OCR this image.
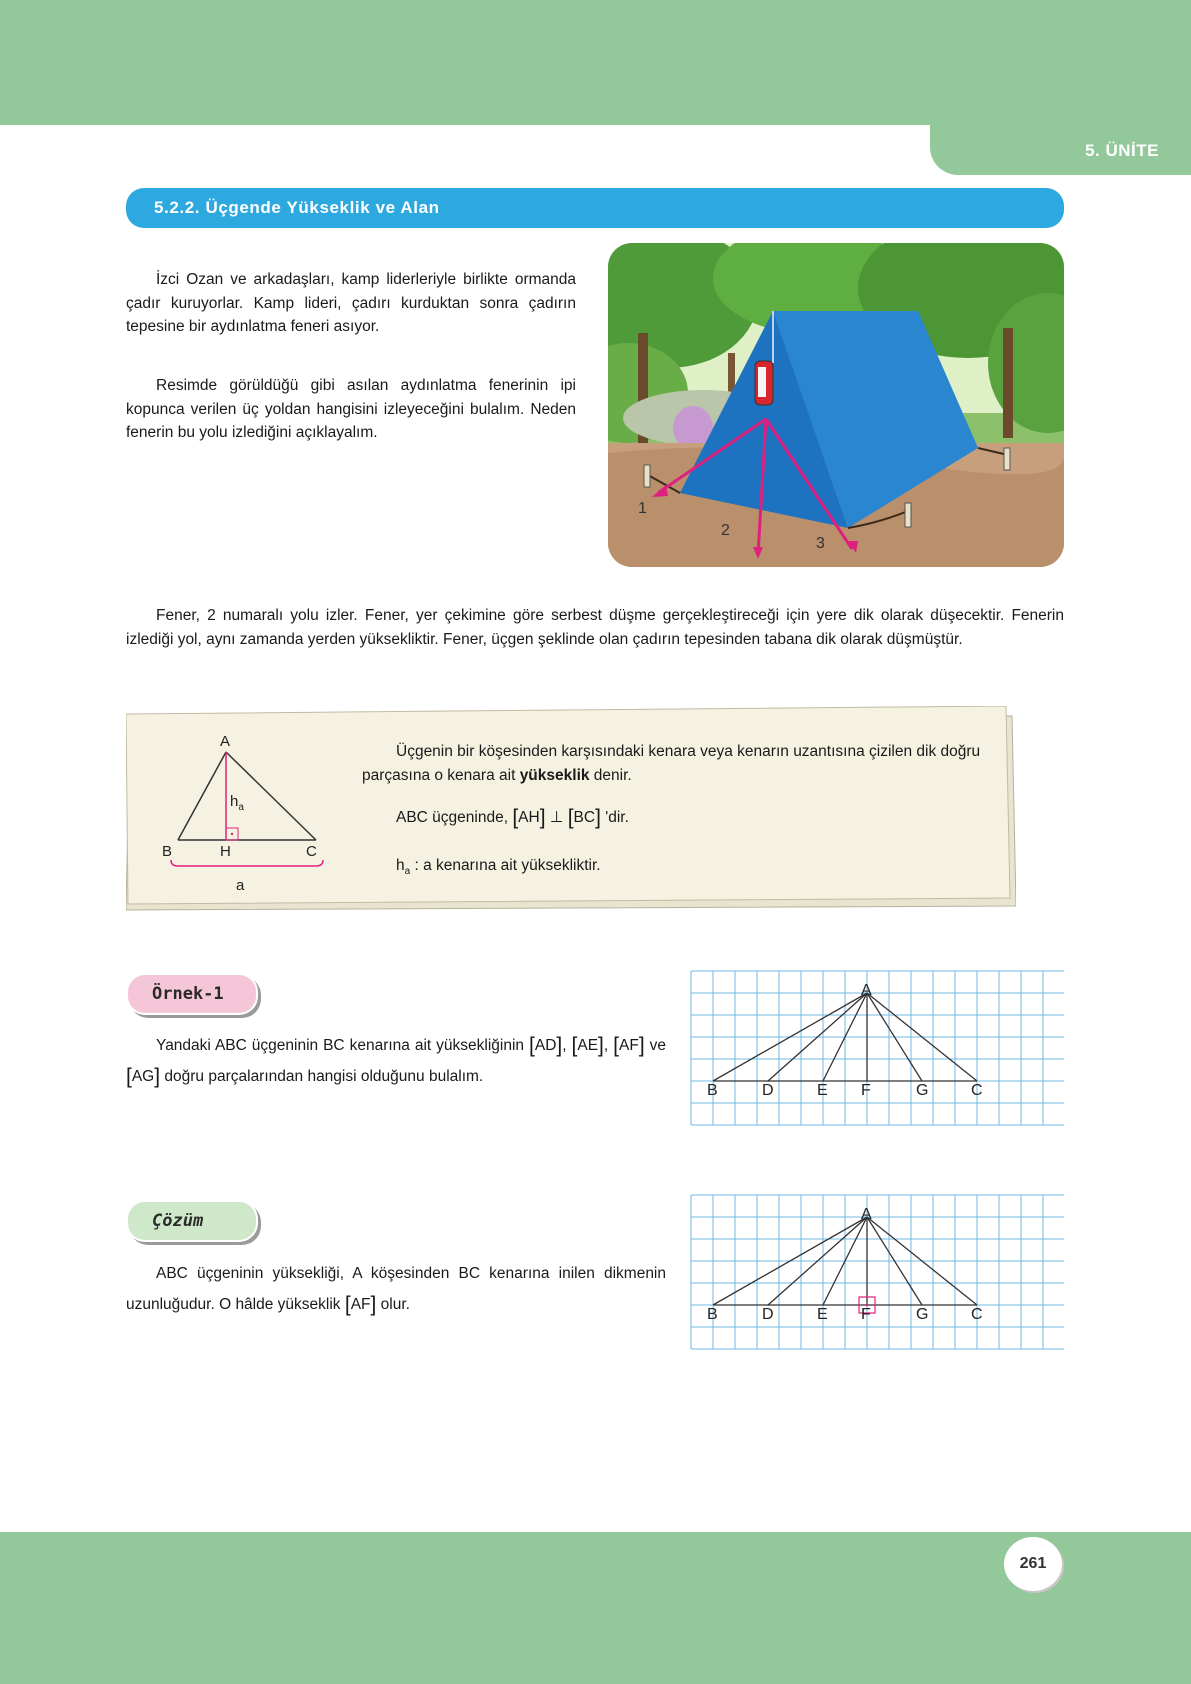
5. ÜNİTE
5.2.2. Üçgende Yükseklik ve Alan
İzci Ozan ve arkadaşları, kamp liderleriyle birlikte ormanda çadır kuruyorlar. Kamp lideri, çadırı kurduktan sonra çadırın tepesine bir aydınlatma feneri asıyor.
Resimde görüldüğü gibi asılan aydınlatma fenerinin ipi kopunca verilen üç yoldan hangisini izleyeceğini bulalım. Neden fenerin bu yolu izlediğini açıklayalım.
1
2
3
Fener, 2 numaralı yolu izler. Fener, yer çekimine göre serbest düşme gerçekleştireceği için yere dik olarak düşecektir. Fenerin izlediği yol, aynı zamanda yerden yüksekliktir. Fener, üçgen şeklinde olan çadırın tepesinden tabana dik olarak düşmüştür.
A
B	H	C
$h_a$
a
Üçgenin bir köşesinden karşısındaki kenara veya kenarın uzantısına çizilen dik doğru parçasına o kenara ait yükseklik denir.
ABC üçgeninde, [AH] ⊥ [BC] 'dir.
$h_a$ : a kenarına ait yüksekliktir.
Örnek-1
Yandaki ABC üçgeninin BC kenarına ait yüksekliğinin [AD], [AE], [AF] ve [AG] doğru parçalarından hangisi olduğunu bulalım.
A
B	D	E F	G	C
Çözüm
ABC üçgeninin yüksekliği, A köşesinden BC kenarına inilen dikmenin uzunluğudur. O hâlde yükseklik [AF] olur.
A
B	D	E F	G	C
261
